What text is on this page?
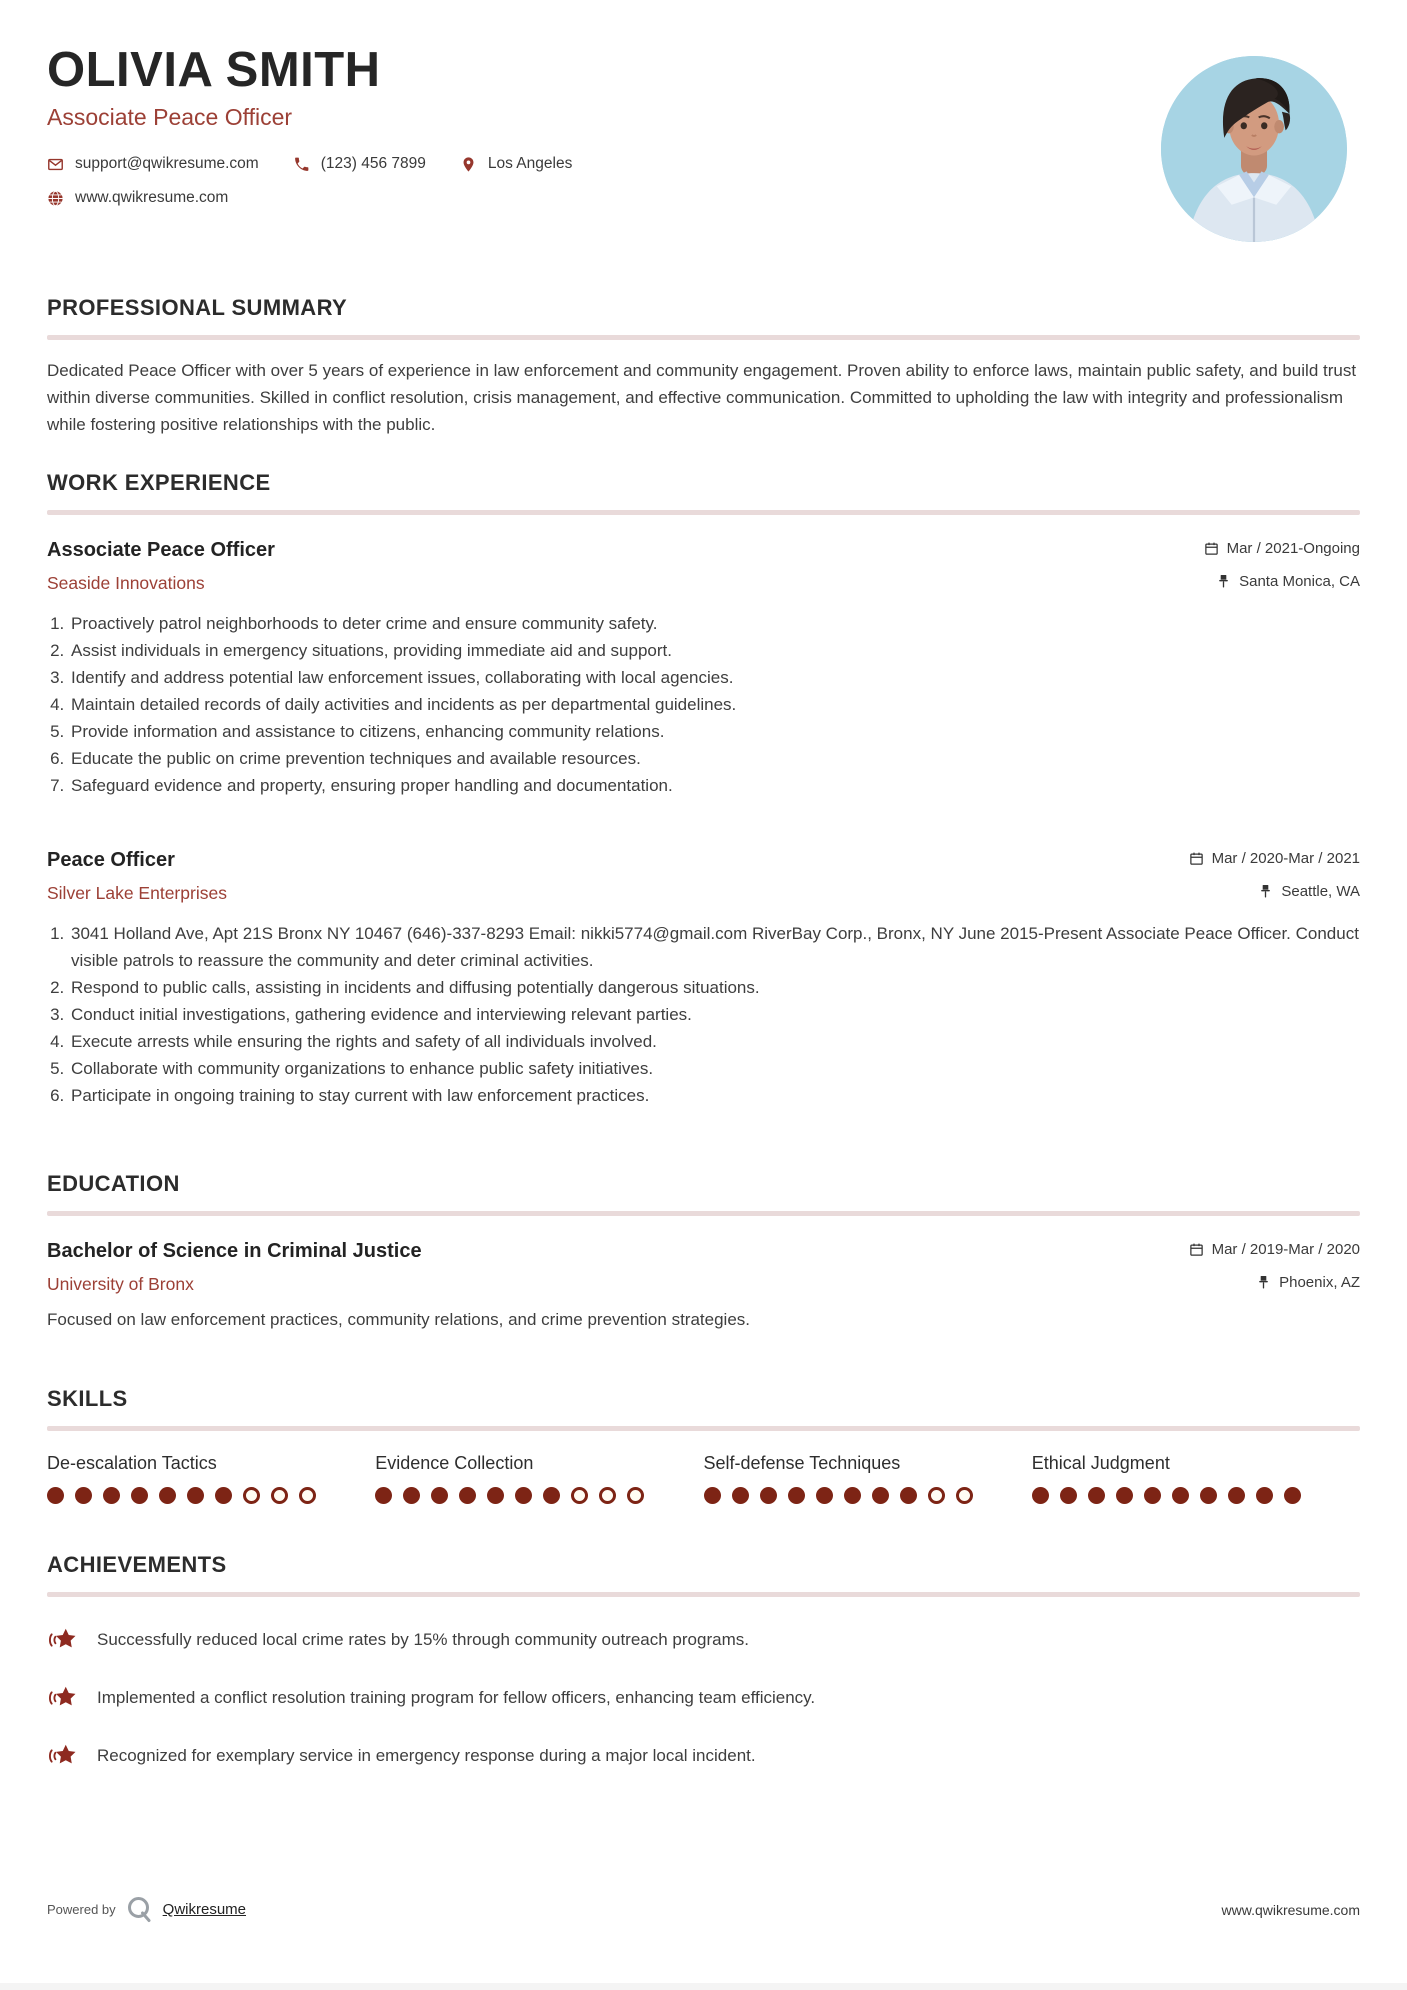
OLIVIA SMITH
Associate Peace Officer
support@qwikresume.com	(123) 456 7899	Los Angeles
www.qwikresume.com
PROFESSIONAL SUMMARY

Dedicated Peace Officer with over 5 years of experience in law enforcement and community engagement. Proven ability to enforce laws, maintain public safety, and build trust within diverse communities. Skilled in conflict resolution, crisis management, and effective communication. Committed to upholding the law with integrity and professionalism while fostering positive relationships with the public.

WORK EXPERIENCE
Associate Peace Officer	Mar / 2021-Ongoing
Seaside Innovations	Santa Monica, CA
1. Proactively patrol neighborhoods to deter crime and ensure community safety.
2. Assist individuals in emergency situations, providing immediate aid and support.
3. Identify and address potential law enforcement issues, collaborating with local agencies.
4. Maintain detailed records of daily activities and incidents as per departmental guidelines.
5. Provide information and assistance to citizens, enhancing community relations.
6. Educate the public on crime prevention techniques and available resources.
7. Safeguard evidence and property, ensuring proper handling and documentation.
Peace Officer	Mar / 2020-Mar / 2021
Silver Lake Enterprises	Seattle, WA
1. 3041 Holland Ave, Apt 21S Bronx NY 10467 (646)-337-8293 Email: nikki5774@gmail.com RiverBay Corp., Bronx, NY June 2015-Present Associate Peace Officer. Conduct visible patrols to reassure the community and deter criminal activities.
2. Respond to public calls, assisting in incidents and diffusing potentially dangerous situations.
3. Conduct initial investigations, gathering evidence and interviewing relevant parties.
4. Execute arrests while ensuring the rights and safety of all individuals involved.
5. Collaborate with community organizations to enhance public safety initiatives.
6. Participate in ongoing training to stay current with law enforcement practices.
EDUCATION
Bachelor of Science in Criminal Justice	Mar / 2019-Mar / 2020
University of Bronx	Phoenix, AZ
Focused on law enforcement practices, community relations, and crime prevention strategies.
SKILLS
De-escalation Tactics	Evidence Collection	Self-defense Techniques	Ethical Judgment
ACHIEVEMENTS
Successfully reduced local crime rates by 15% through community outreach programs.
Implemented a conflict resolution training program for fellow officers, enhancing team efficiency.
Recognized for exemplary service in emergency response during a major local incident.
Powered by	Qwikresume	www.qwikresume.com
